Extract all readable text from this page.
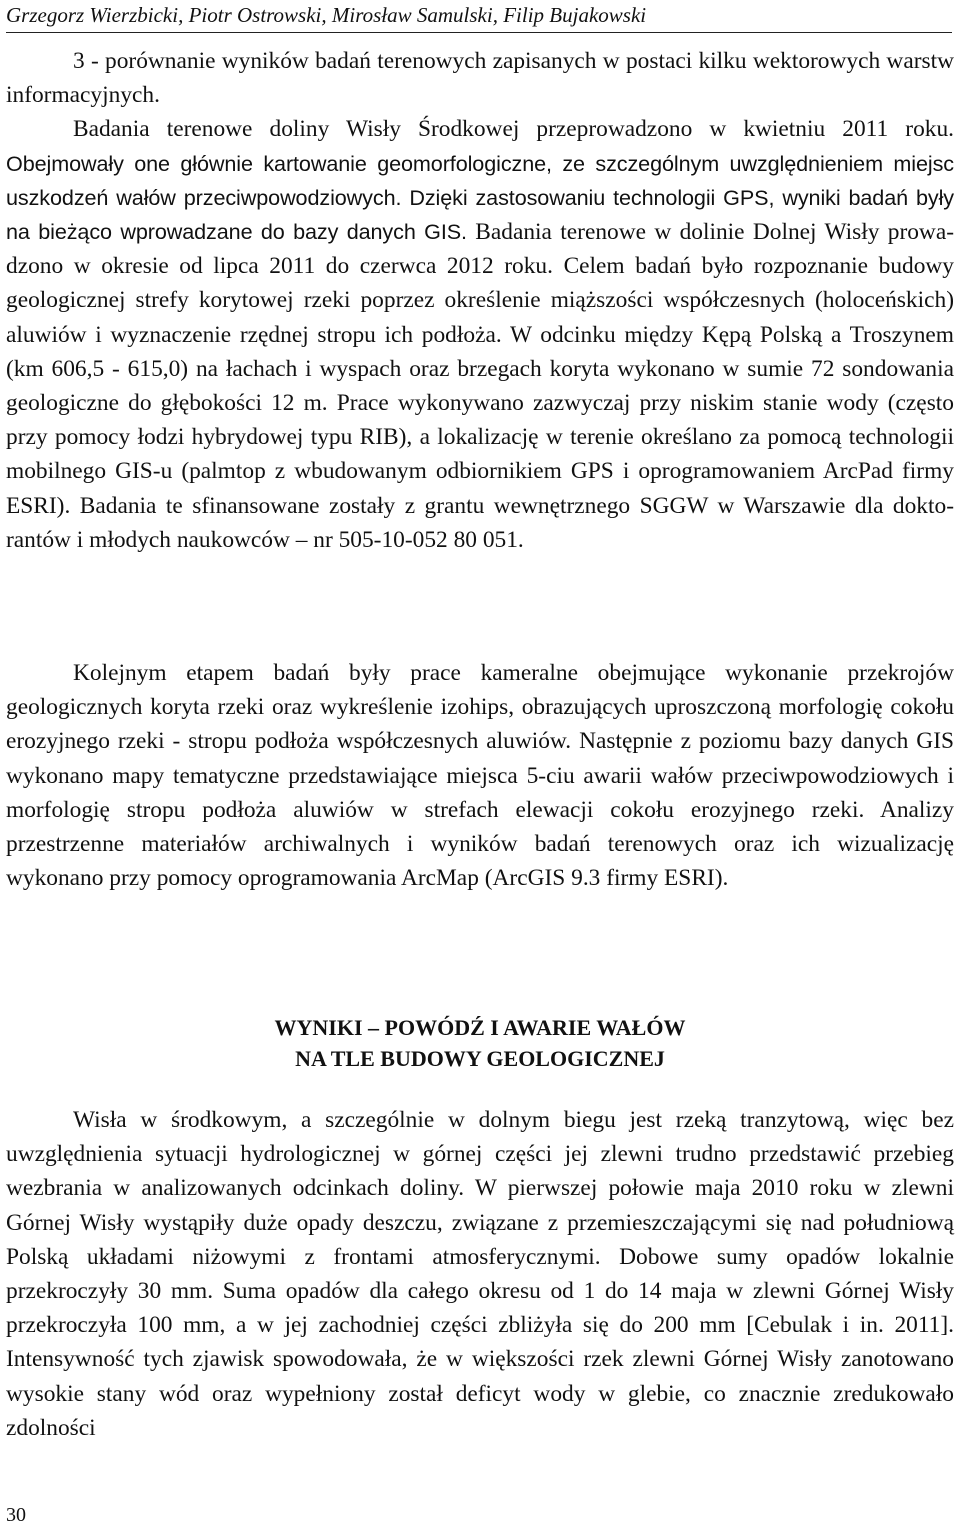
Grzegorz Wierzbicki, Piotr Ostrowski, Mirosław Samulski, Filip Bujakowski

3 - porównanie wyników badań terenowych zapisanych w postaci kilku wektorowych warstw informacyjnych.

Badania terenowe doliny Wisły Środkowej przeprowadzono w kwietniu 2011 roku. Obejmowały one głównie kartowanie geomorfologiczne, ze szczególnym uwzględnieniem miejsc uszkodzeń wałów przeciwpowodziowych. Dzięki zastosowaniu technologii GPS, wyniki badań były na bieżąco wprowadzane do bazy danych GIS. Badania terenowe w dolinie Dolnej Wisły prowadzono w okresie od lipca 2011 do czerwca 2012 roku. Celem badań było rozpoznanie budowy geologicznej strefy korytowej rzeki poprzez określenie miąższości współczesnych (holoceńskich) aluwiów i wyznaczenie rzędnej stropu ich podłoża. W odcinku między Kępą Polską a Troszynem (km 606,5 - 615,0) na łachach i wyspach oraz brzegach koryta wykonano w sumie 72 sondowania geologiczne do głębokości 12 m. Prace wykonywano zazwyczaj przy niskim stanie wody (często przy pomocy łodzi hybrydowej typu RIB), a lokalizację w terenie określano za pomocą technologii mobilnego GIS-u (palmtop z wbudowanym odbiornikiem GPS i oprogramowaniem ArcPad firmy ESRI). Badania te sfinansowane zostały z grantu wewnętrznego SGGW w Warszawie dla doktorantów i młodych naukowców – nr 505-10-052 80 051.

Kolejnym etapem badań były prace kameralne obejmujące wykonanie przekrojów geologicznych koryta rzeki oraz wykreślenie izohips, obrazujących uproszczoną morfologię cokołu erozyjnego rzeki - stropu podłoża współczesnych aluwiów. Następnie z poziomu bazy danych GIS wykonano mapy tematyczne przedstawiające miejsca 5-ciu awarii wałów przeciwpowodziowych i morfologię stropu podłoża aluwiów w strefach elewacji cokołu erozyjnego rzeki. Analizy przestrzenne materiałów archiwalnych i wyników badań terenowych oraz ich wizualizację wykonano przy pomocy oprogramowania ArcMap (ArcGIS 9.3 firmy ESRI).

WYNIKI – POWÓDŹ I AWARIE WAŁÓW
NA TLE BUDOWY GEOLOGICZNEJ

Wisła w środkowym, a szczególnie w dolnym biegu jest rzeką tranzytową, więc bez uwzględnienia sytuacji hydrologicznej w górnej części jej zlewni trudno przedstawić przebieg wezbrania w analizowanych odcinkach doliny. W pierwszej połowie maja 2010 roku w zlewni Górnej Wisły wystąpiły duże opady deszczu, związane z przemieszczającymi się nad południową Polską układami niżowymi z frontami atmosferycznymi. Dobowe sumy opadów lokalnie przekroczyły 30 mm. Suma opadów dla całego okresu od 1 do 14 maja w zlewni Górnej Wisły przekroczyła 100 mm, a w jej zachodniej części zbliżyła się do 200 mm [Cebulak i in. 2011]. Intensywność tych zjawisk spowodowała, że w większości rzek zlewni Górnej Wisły zanotowano wysokie stany wód oraz wypełniony został deficyt wody w glebie, co znacznie zredukowało zdolności

30
